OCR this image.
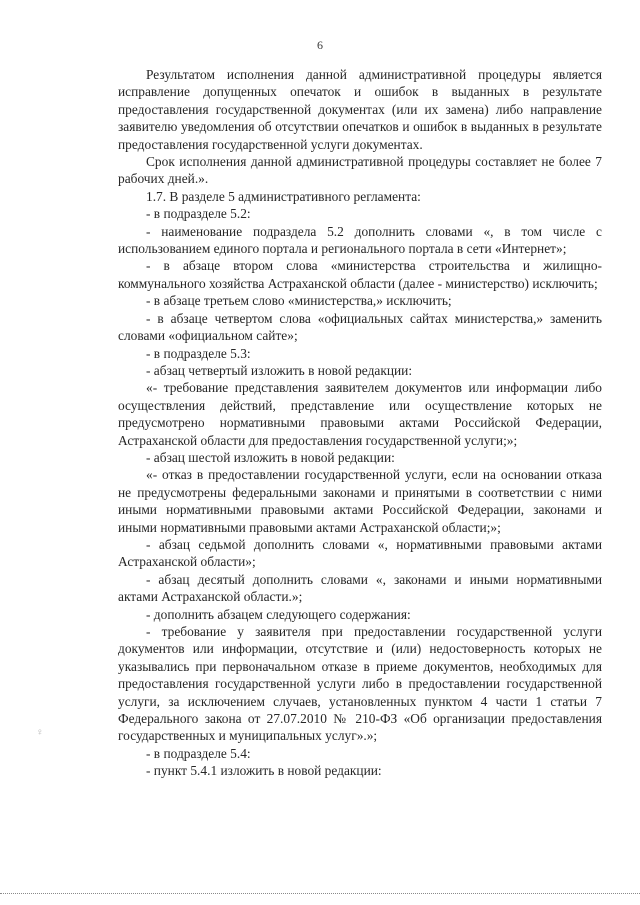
6

Результатом исполнения данной административной процедуры является исправление допущенных опечаток и ошибок в выданных в результате предоставления государственной документах (или их замена) либо направление заявителю уведомления об отсутствии опечатков и ошибок в выданных в результате предоставления государственной услуги документах.

Срок исполнения данной административной процедуры составляет не более 7 рабочих дней.».

1.7. В разделе 5 административного регламента:

- в подразделе 5.2:

- наименование подраздела 5.2 дополнить словами «, в том числе с использованием единого портала и регионального портала в сети «Интернет»;

- в абзаце втором слова «министерства строительства и жилищно-коммунального хозяйства Астраханской области (далее - министерство) исключить;

- в абзаце третьем слово «министерства,» исключить;

- в абзаце четвертом слова «официальных сайтах министерства,» заменить словами «официальном сайте»;

- в подразделе 5.3:

- абзац четвертый изложить в новой редакции:

«- требование представления заявителем документов или информации либо осуществления действий, представление или осуществление которых не предусмотрено нормативными правовыми актами Российской Федерации, Астраханской области для предоставления государственной услуги;»;

- абзац шестой изложить в новой редакции:

«- отказ в предоставлении государственной услуги, если на основании отказа не предусмотрены федеральными законами и принятыми в соответствии с ними иными нормативными правовыми актами Российской Федерации, законами и иными нормативными правовыми актами Астраханской области;»;

- абзац седьмой дополнить словами «, нормативными правовыми актами Астраханской области»;

- абзац десятый дополнить словами «, законами и иными нормативными актами Астраханской области.»;

- дополнить абзацем следующего содержания:

- требование у заявителя при предоставлении государственной услуги документов или информации, отсутствие и (или) недостоверность которых не указывались при первоначальном отказе в приеме документов, необходимых для предоставления государственной услуги либо в предоставлении государственной услуги, за исключением случаев, установленных пунктом 4 части 1 статьи 7 Федерального закона от 27.07.2010 № 210-ФЗ «Об организации предоставления государственных и муниципальных услуг».»;

- в подразделе 5.4:

- пункт 5.4.1 изложить в новой редакции:

♀
